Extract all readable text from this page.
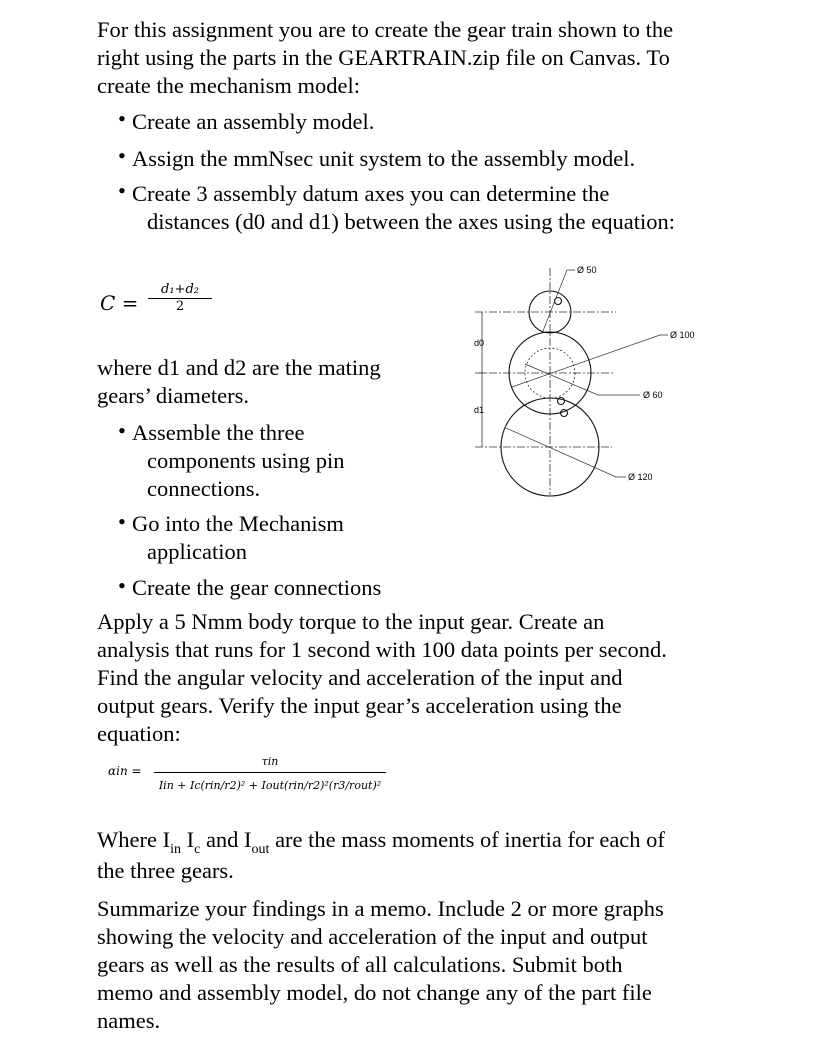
For this assignment you are to create the gear train shown to the
right using the parts in the GEARTRAIN.zip file on Canvas. To
create the mechanism model:
• Create an assembly model.
• Assign the mmNsec unit system to the assembly model.
• Create 3 assembly datum axes you can determine the
distances (d0 and d1) between the axes using the equation:
$C = \frac{\text{d₁+d₂}}{2}$
where d1 and d2 are the mating
gears’ diameters.
• Assemble the three
components using pin
connections.
• Go into the Mechanism
application
• Create the gear connections
Apply a 5 Nmm body torque to the input gear. Create an
analysis that runs for 1 second with 100 data points per second.
Find the angular velocity and acceleration of the input and
output gears. Verify the input gear’s acceleration using the
equation:
αin =
τin
Iin + Ic(rin/r2)² + Iout(rin/r2)²(r3/rout)²
Where $I_{in}$ $I_c$ and $I_{out}$ are the mass moments of inertia for each of
the three gears.
Summarize your findings in a memo. Include 2 or more graphs
showing the velocity and acceleration of the input and output
gears as well as the results of all calculations. Submit both
memo and assembly model, do not change any of the part file
names.
d0
d1
Ø 50
Ø 100
Ø 60
Ø 120
